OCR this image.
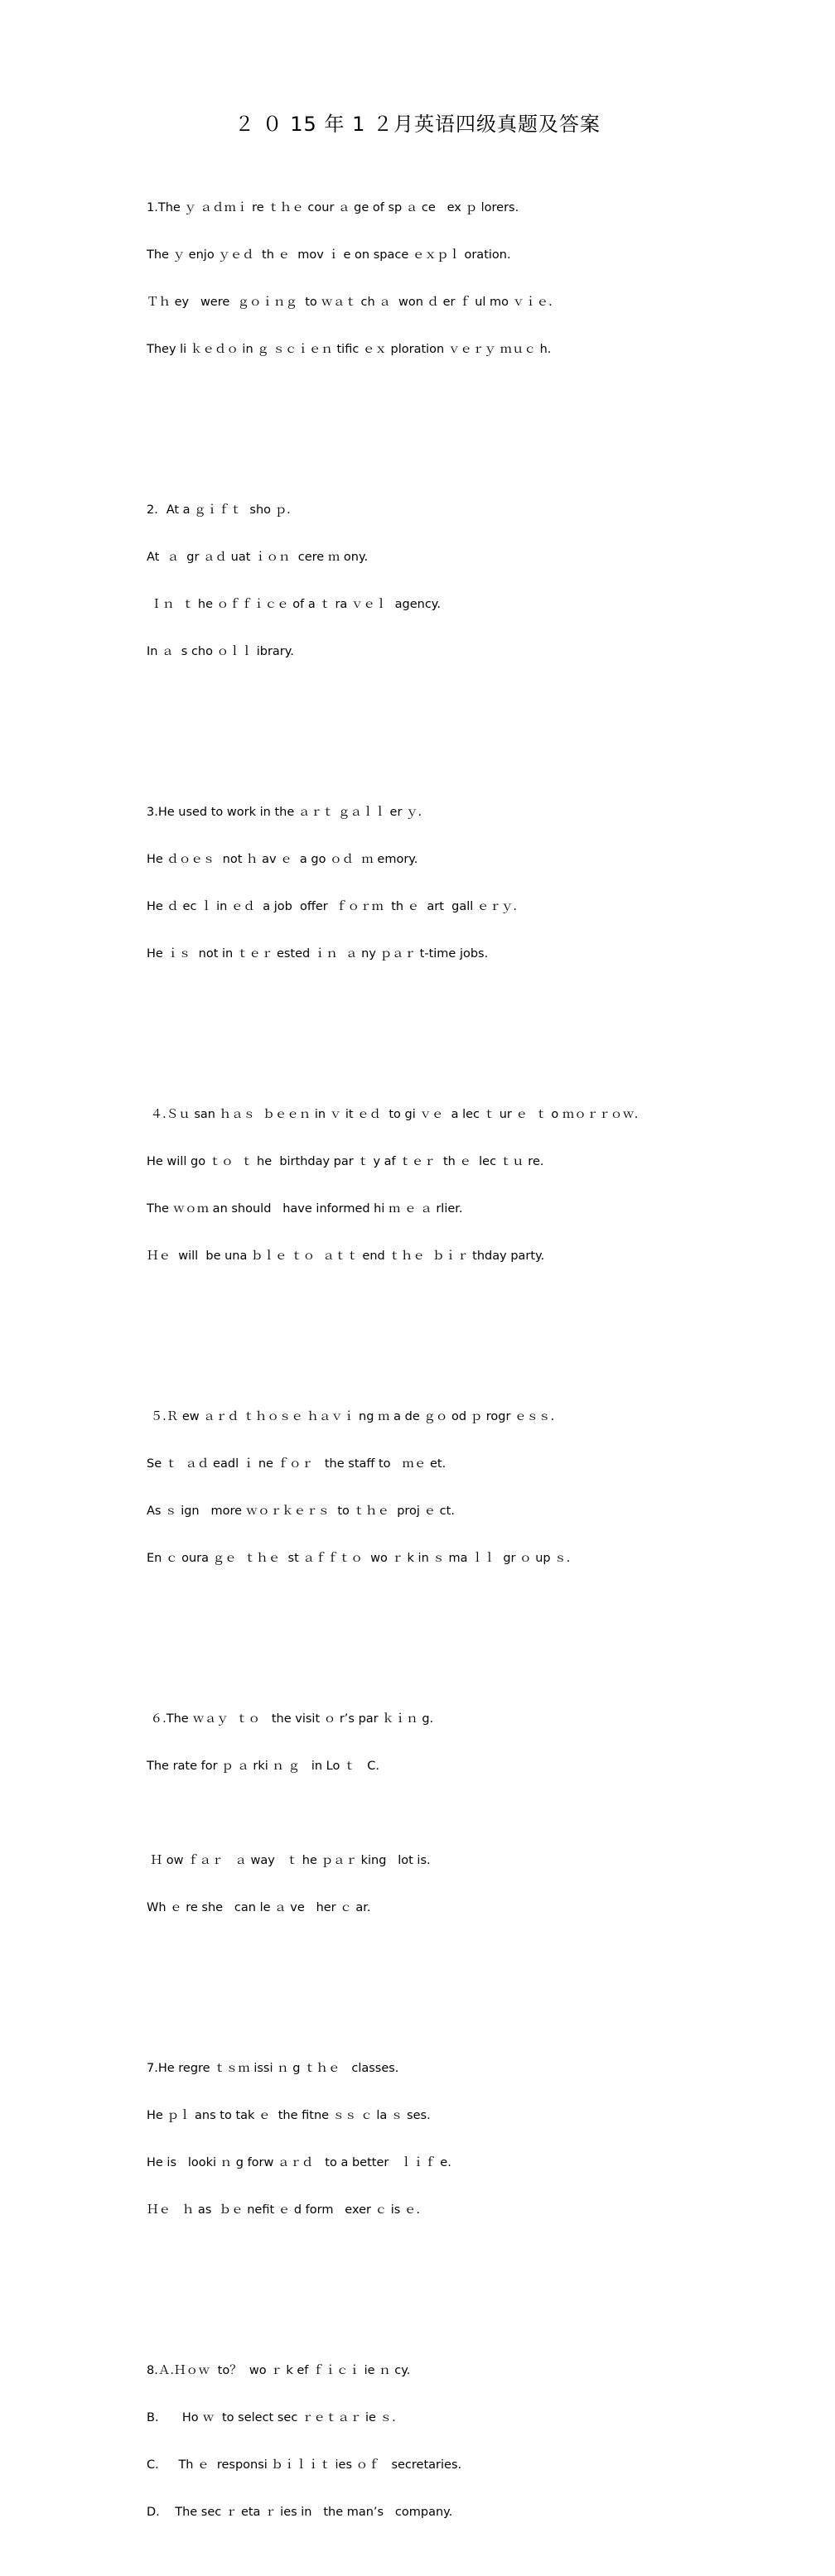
２ ０ 15 年 1 ２月英语四级真题及答案

1.The ｙ ａｄｍｉ re ｔｈｅ cour ａ ge of sp ａ ce   ex ｐ lorers.

The ｙ enjo ｙｅｄ  th ｅ  mov ｉ e on space ｅｘｐｌ oration.

Ｔｈ ey   were  ｇｏｉｎｇ  to ｗａｔ ch ａ  won ｄ er ｆ ul mo ｖｉｅ.

They li ｋｅｄｏ in ｇ ｓｃｉｅｎ tific ｅｘ ploration ｖｅｒｙ ｍｕｃ h.

2．At a ｇｉｆｔ  sho ｐ.

At  ａ  gr ａｄ uat ｉｏｎ  cere ｍ ony.

Ｉｎ  ｔ he ｏｆｆｉｃｅ of a ｔ ra ｖｅｌ  agency.

In ａ  s cho ｏｌｌ ibrary.

3.He used to work in the ａｒｔ ｇａｌｌ er ｙ.

He ｄｏｅｓ  not ｈ av ｅ  a go ｏｄ  ｍ emory.

He ｄ ec ｌ in ｅｄ  a job  offer  ｆｏｒｍ  th ｅ  art  gall ｅｒｙ.

He ｉｓ  not in ｔｅｒ ested ｉｎ  ａ ny ｐａｒ t-time jobs.

４.Ｓｕ san ｈａｓ  ｂｅｅｎ in ｖ it ｅｄ  to gi ｖｅ  a lec ｔ ur ｅ  ｔ o ｍｏｒｒｏｗ.

He will go ｔｏ  ｔ he  birthday par ｔ y af ｔｅｒ  th ｅ  lec ｔｕ re.

The ｗｏｍ an should   have informed hi ｍ ｅ ａ rlier.

Ｈｅ  will  be una ｂｌｅ ｔｏ  ａｔｔ end ｔｈｅ  ｂｉｒ thday party.

５.Ｒ ew ａｒｄ ｔｈｏｓｅ ｈａｖｉ ng ｍ a de ｇｏ od ｐ rogr ｅｓｓ.

Se ｔ  ａｄ eadl ｉ ne ｆｏｒ   the staff to   ｍｅ et.

As ｓ ign   more ｗｏｒｋｅｒｓ  to ｔｈｅ  proj ｅ ct.

En ｃ oura ｇｅ  ｔｈｅ  st ａｆｆｔｏ  wo ｒ k in ｓ ma ｌｌ  gr ｏ up ｓ.

６.The ｗａｙ  ｔｏ   the visit ｏ r’s par ｋｉｎ g.

The rate for ｐ ａ rki ｎ ｇ   in Lo ｔ   C.

Ｈ ow ｆａｒ   ａ way   ｔ he ｐａｒ king   lot is.

Wh ｅ re she   can le ａ ve   her ｃ ar.

7.He regre ｔｓｍ issi ｎ g ｔｈｅ   classes.

He ｐｌ ans to tak ｅ  the fitne ｓｓ ｃ la ｓ ses.

He is   looki ｎ g forw ａｒｄ   to a better   ｌｉｆ e.

Ｈｅ   ｈ as  ｂｅ nefit ｅ d form   exer ｃ is ｅ.

8.Ａ.Ｈｏｗ  to？  wo ｒ k ef ｆｉｃｉ ie ｎ cy.

B．    Ho ｗ  to select sec ｒｅｔａｒ ie ｓ.

C．   Th ｅ  responsi ｂｉｌｉｔ ies ｏｆ   secretaries.

D.    The sec ｒ eta ｒ ies in   the man’s   company.
